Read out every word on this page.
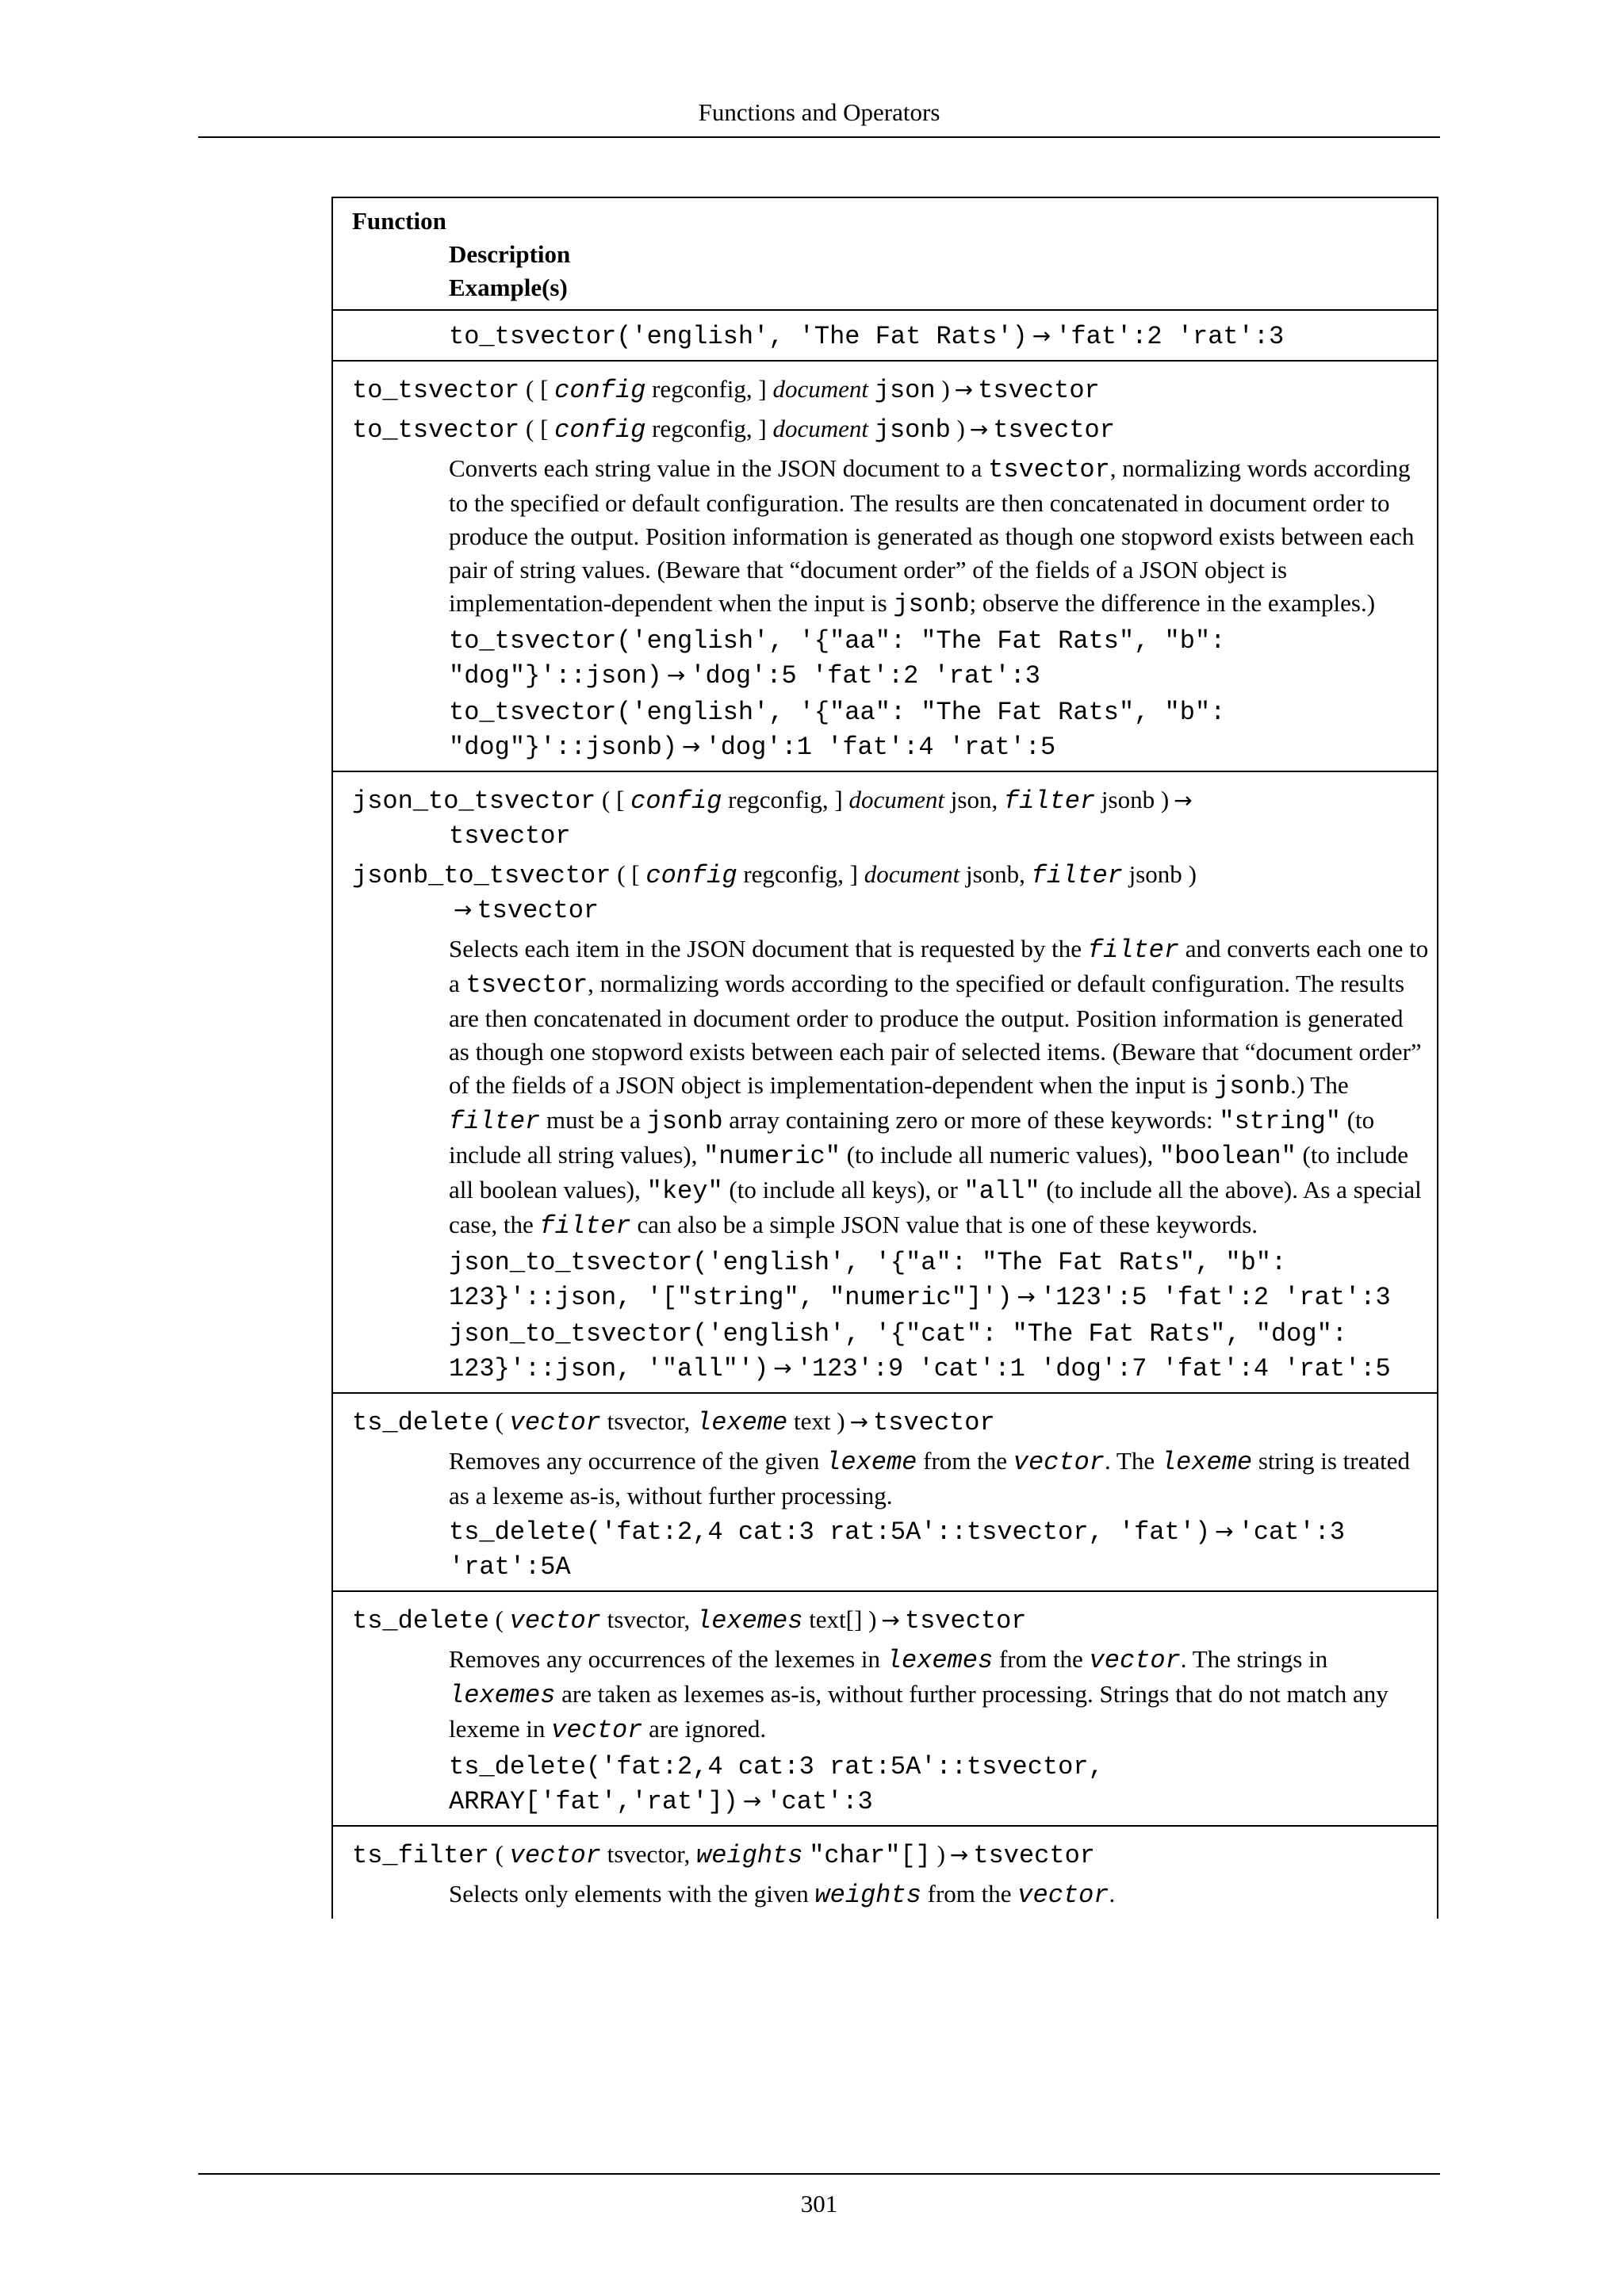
Functions and Operators
Function
Description
Example(s)
to_tsvector('english', 'The Fat Rats') → 'fat':2 'rat':3
to_tsvector ( [ config regconfig, ] document json ) → tsvector
to_tsvector ( [ config regconfig, ] document jsonb ) → tsvector
Converts each string value in the JSON document to a tsvector, normalizing words according to the specified or default configuration. The results are then concatenated in document order to produce the output. Position information is generated as though one stopword exists between each pair of string values. (Beware that “document order” of the fields of a JSON object is implementation-dependent when the input is jsonb; observe the difference in the examples.)
to_tsvector('english', '{"aa": "The Fat Rats", "b": "dog"}'::json) → 'dog':5 'fat':2 'rat':3
to_tsvector('english', '{"aa": "The Fat Rats", "b": "dog"}'::jsonb) → 'dog':1 'fat':4 'rat':5
json_to_tsvector ( [ config regconfig, ] document json, filter jsonb ) →
tsvector
jsonb_to_tsvector ( [ config regconfig, ] document jsonb, filter jsonb )
→ tsvector
Selects each item in the JSON document that is requested by the filter and converts each one to a tsvector, normalizing words according to the specified or default configuration. The results are then concatenated in document order to produce the output. Position information is generated as though one stopword exists between each pair of selected items. (Beware that “document order” of the fields of a JSON object is implementation-dependent when the input is jsonb.) The filter must be a jsonb array containing zero or more of these keywords: "string" (to include all string values), "numeric" (to include all numeric values), "boolean" (to include all boolean values), "key" (to include all keys), or "all" (to include all the above). As a special case, the filter can also be a simple JSON value that is one of these keywords.
json_to_tsvector('english', '{"a": "The Fat Rats", "b": 123}'::json, '["string", "numeric"]') → '123':5 'fat':2 'rat':3
json_to_tsvector('english', '{"cat": "The Fat Rats", "dog": 123}'::json, '"all"') → '123':9 'cat':1 'dog':7 'fat':4 'rat':5
ts_delete ( vector tsvector, lexeme text ) → tsvector
Removes any occurrence of the given lexeme from the vector. The lexeme string is treated as a lexeme as-is, without further processing.
ts_delete('fat:2,4 cat:3 rat:5A'::tsvector, 'fat') → 'cat':3 'rat':5A
ts_delete ( vector tsvector, lexemes text[] ) → tsvector
Removes any occurrences of the lexemes in lexemes from the vector. The strings in lexemes are taken as lexemes as-is, without further processing. Strings that do not match any lexeme in vector are ignored.
ts_delete('fat:2,4 cat:3 rat:5A'::tsvector, ARRAY['fat','rat']) → 'cat':3
ts_filter ( vector tsvector, weights "char"[] ) → tsvector
Selects only elements with the given weights from the vector.
301
